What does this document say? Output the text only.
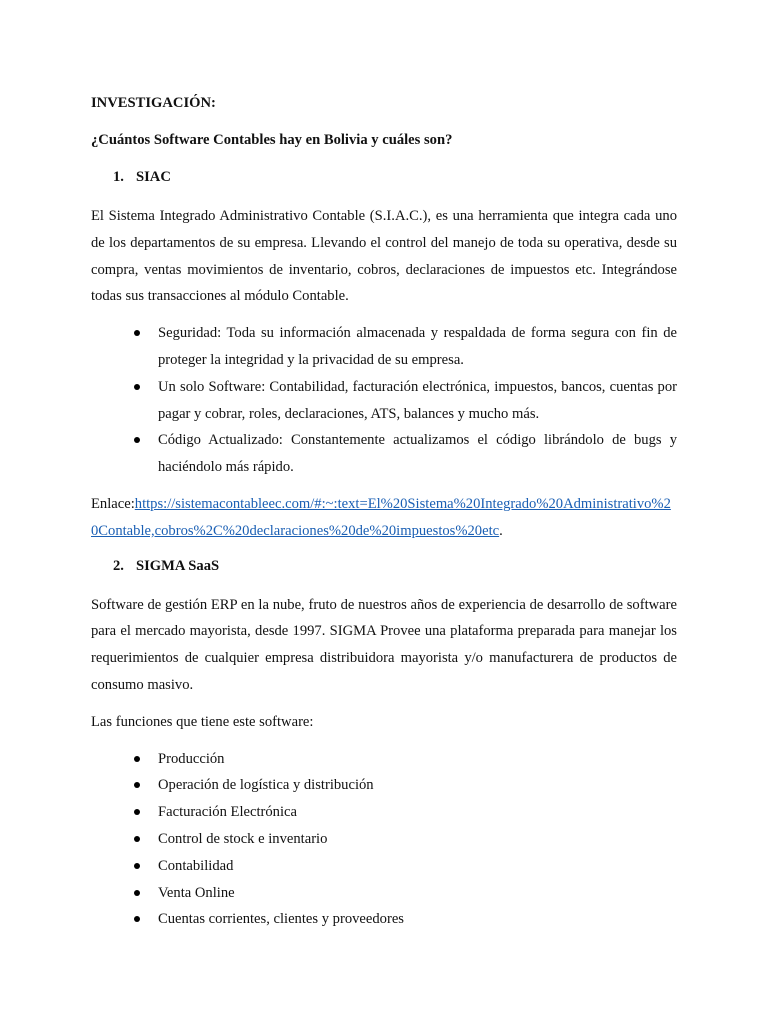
INVESTIGACIÓN:

¿Cuántos Software Contables hay en Bolivia y cuáles son?

1. SIAC

El Sistema Integrado Administrativo Contable (S.I.A.C.), es una herramienta que integra cada uno de los departamentos de su empresa. Llevando el control del manejo de toda su operativa, desde su compra, ventas movimientos de inventario, cobros, declaraciones de impuestos etc. Integrándose todas sus transacciones al módulo Contable.

Seguridad: Toda su información almacenada y respaldada de forma segura con fin de proteger la integridad y la privacidad de su empresa.
Un solo Software: Contabilidad, facturación electrónica, impuestos, bancos, cuentas por pagar y cobrar, roles, declaraciones, ATS, balances y mucho más.
Código Actualizado: Constantemente actualizamos el código librándolo de bugs y haciéndolo más rápido.

Enlace:https://sistemacontableec.com/#:~:text=El%20Sistema%20Integrado%20Administrativo%20Contable,cobros%2C%20declaraciones%20de%20impuestos%20etc.

2. SIGMA SaaS

Software de gestión ERP en la nube, fruto de nuestros años de experiencia de desarrollo de software para el mercado mayorista, desde 1997. SIGMA Provee una plataforma preparada para manejar los requerimientos de cualquier empresa distribuidora mayorista y/o manufacturera de productos de consumo masivo.

Las funciones que tiene este software:

Producción
Operación de logística y distribución
Facturación Electrónica
Control de stock e inventario
Contabilidad
Venta Online
Cuentas corrientes, clientes y proveedores
